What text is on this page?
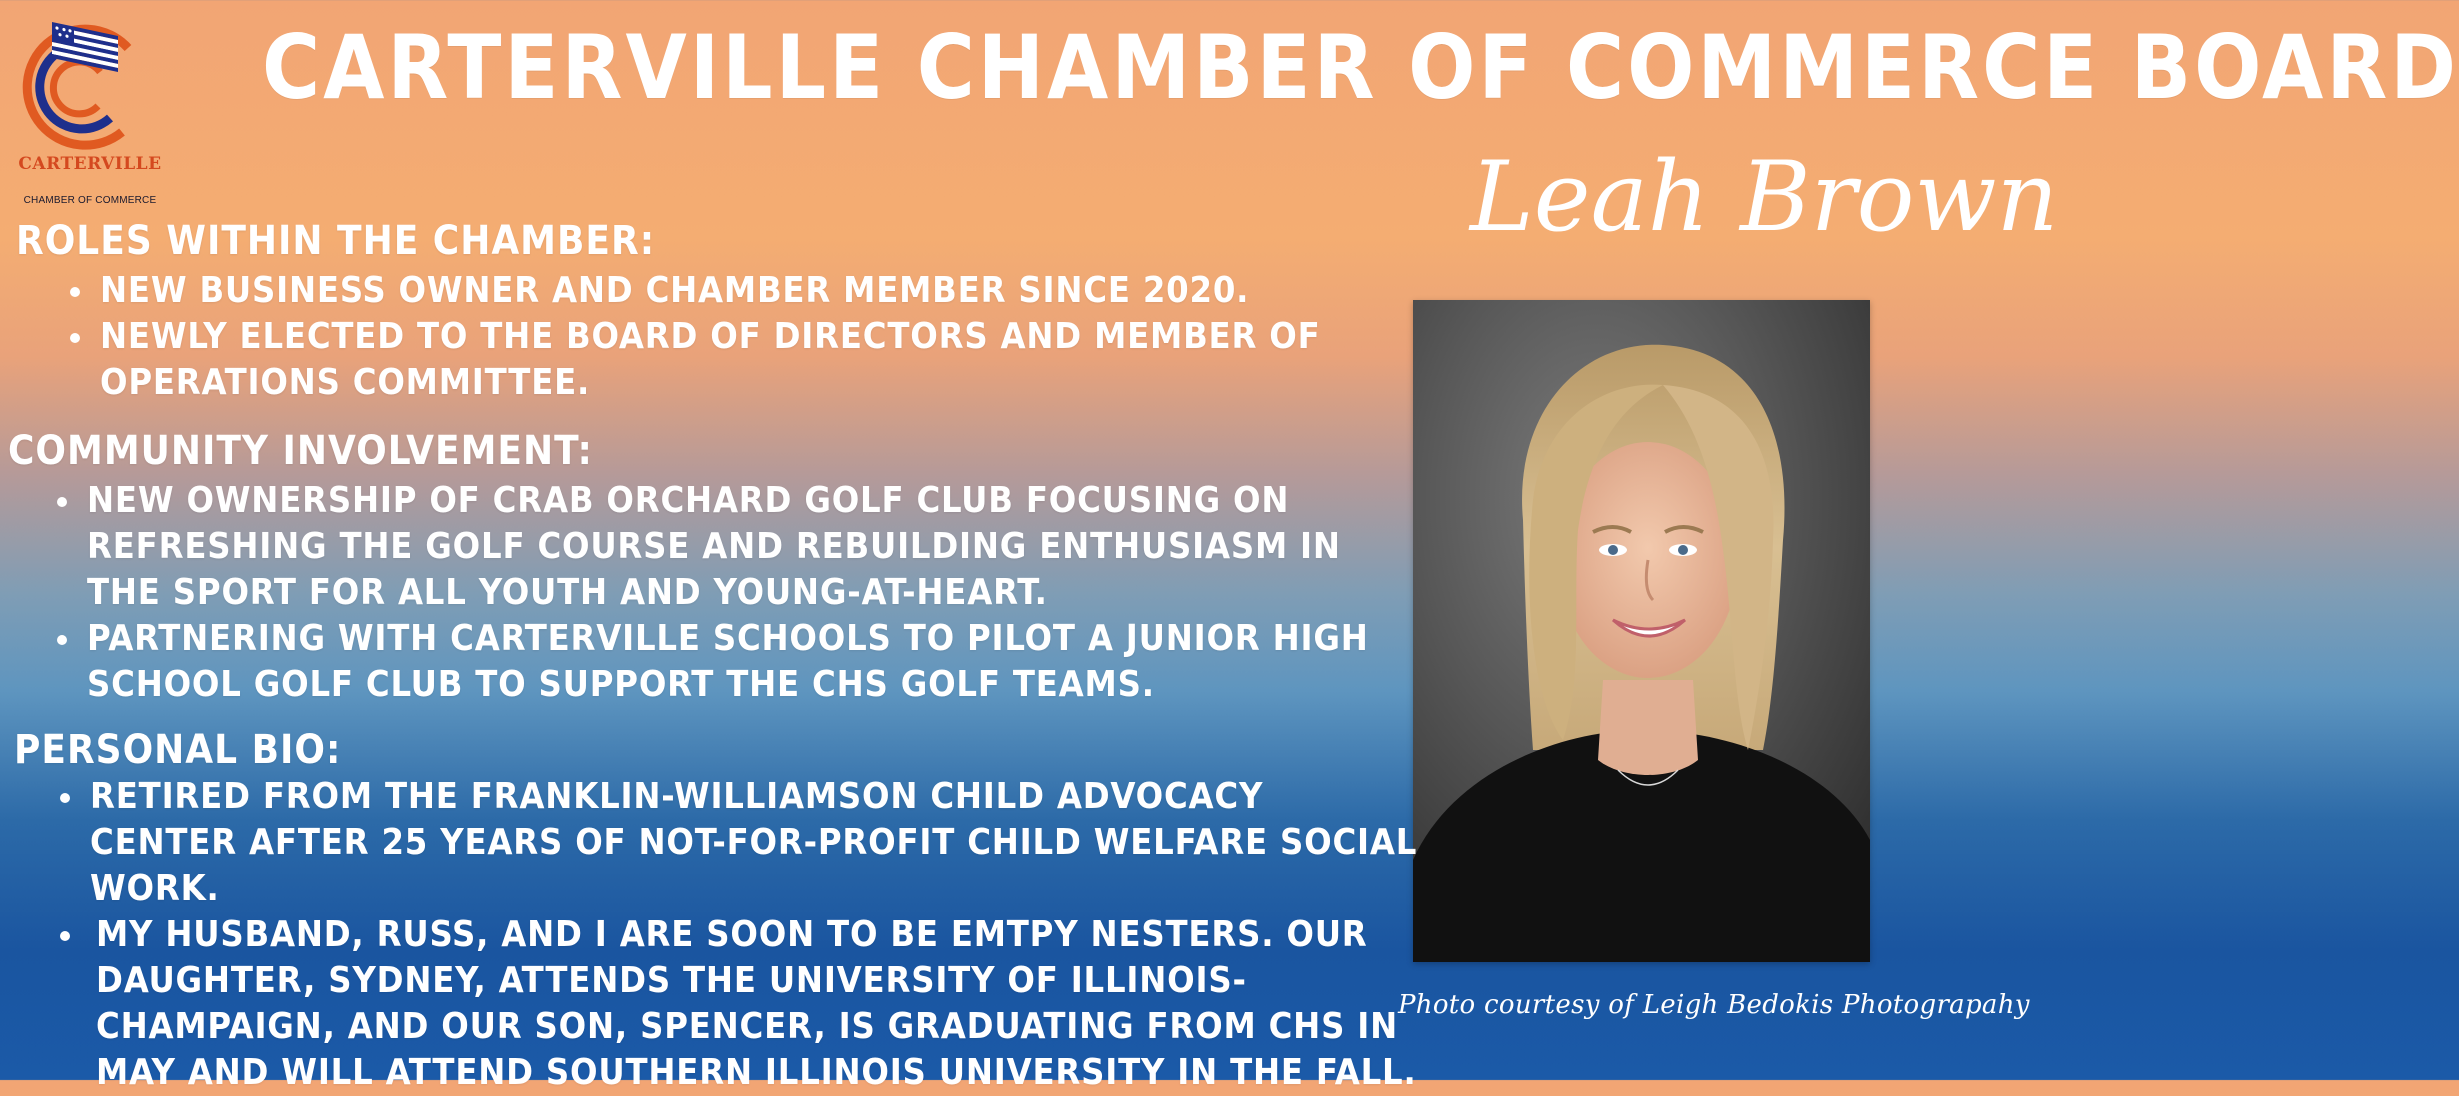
CARTERVILLE
CHAMBER OF COMMERCE
CARTERVILLE CHAMBER OF COMMERCE BOARD
Leah Brown
ROLES WITHIN THE CHAMBER:
NEW BUSINESS OWNER AND CHAMBER MEMBER SINCE 2020.
NEWLY ELECTED TO THE BOARD OF DIRECTORS AND MEMBER OF OPERATIONS COMMITTEE.
COMMUNITY INVOLVEMENT:
NEW OWNERSHIP OF CRAB ORCHARD GOLF CLUB FOCUSING ON REFRESHING THE GOLF COURSE AND REBUILDING ENTHUSIASM IN THE SPORT FOR ALL YOUTH AND YOUNG-AT-HEART.
PARTNERING WITH CARTERVILLE SCHOOLS TO PILOT A JUNIOR HIGH SCHOOL GOLF CLUB TO SUPPORT THE CHS GOLF TEAMS.
PERSONAL BIO:
RETIRED FROM THE FRANKLIN-WILLIAMSON CHILD ADVOCACY CENTER AFTER 25 YEARS OF NOT-FOR-PROFIT CHILD WELFARE SOCIAL WORK.
MY HUSBAND, RUSS, AND I ARE SOON TO BE EMTPY NESTERS. OUR DAUGHTER, SYDNEY, ATTENDS THE UNIVERSITY OF ILLINOIS-CHAMPAIGN, AND OUR SON, SPENCER, IS GRADUATING FROM CHS IN MAY AND WILL ATTEND SOUTHERN ILLINOIS UNIVERSITY IN THE FALL.
Photo courtesy of Leigh Bedokis Photograpahy
